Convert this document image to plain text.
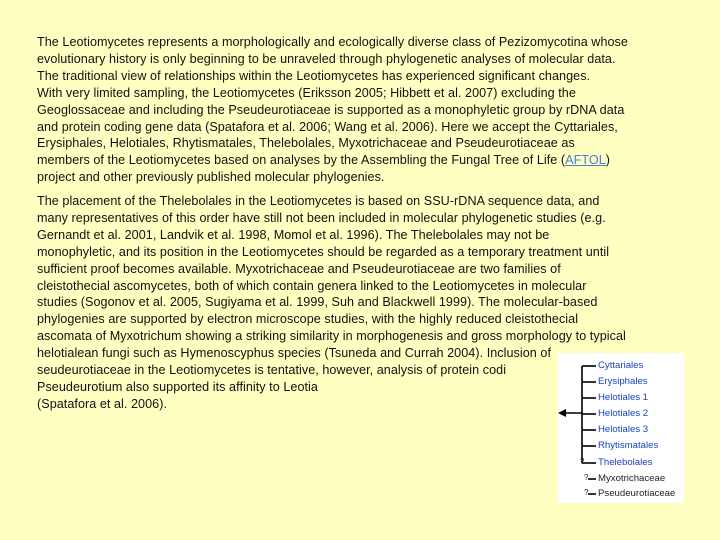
The Leotiomycetes represents a morphologically and ecologically diverse class of Pezizomycotina whose
evolutionary history is only beginning to be unraveled through phylogenetic analyses of molecular data.
The traditional view of relationships within the Leotiomycetes has experienced significant changes.
With very limited sampling, the Leotiomycetes (Eriksson 2005; Hibbett et al. 2007) excluding the
Geoglossaceae and including the Pseudeurotiaceae is supported as a monophyletic group by rDNA data
and protein coding gene data (Spatafora et al. 2006; Wang et al. 2006). Here we accept the Cyttariales,
Erysiphales, Helotiales, Rhytismatales, Thelebolales, Myxotrichaceae and Pseudeurotiaceae as
members of the Leotiomycetes based on analyses by the Assembling the Fungal Tree of Life (AFTOL)
project and other previously published molecular phylogenies.
The placement of the Thelebolales in the Leotiomycetes is based on SSU-rDNA sequence data, and
many representatives of this order have still not been included in molecular phylogenetic studies (e.g.
Gernandt et al. 2001, Landvik et al. 1998, Momol et al. 1996). The Thelebolales may not be
monophyletic, and its position in the Leotiomycetes should be regarded as a temporary treatment until
sufficient proof becomes available. Myxotrichaceae and Pseudeurotiaceae are two families of
cleistothecial ascomycetes, both of which contain genera linked to the Leotiomycetes in molecular
studies (Sogonov et al. 2005, Sugiyama et al. 1999, Suh and Blackwell 1999). The molecular-based
phylogenies are supported by electron microscope studies, with the highly reduced cleistothecial
ascomata of Myxotrichum showing a striking similarity in morphogenesis and gross morphology to typical
helotialean fungi such as Hymenoscyphus species (Tsuneda and Currah 2004). Inclusion of
seudeurotiaceae in the Leotiomycetes is tentative, however, analysis of protein codi
Pseudeurotium also supported its affinity to Leotia
(Spatafora et al. 2006).
?
?
?
Cyttariales
Erysiphales
Helotiales 1
Helotiales 2
Helotiales 3
Rhytismatales
Thelebolales
Myxotrichaceae
Pseudeurotiaceae
